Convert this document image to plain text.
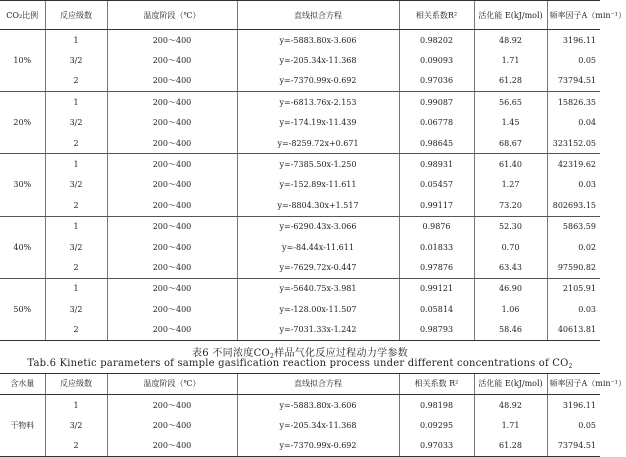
CO₂比例	反应级数	温度阶段（℃）	直线拟合方程	相关系数R²	活化能 E(kJ/mol)	频率因子A（min⁻¹）
10%	1	200～400	y=-5883.80x-3.606	0.98202	48.92	3196.11
	3/2	200～400	y=-205.34x-11.368	0.09093	1.71	0.05
	2	200～400	y=-7370.99x-0.692	0.97036	61.28	73794.51
20%	1	200～400	y=-6813.76x-2.153	0.99087	56.65	15826.35
	3/2	200～400	y=-174.19x-11.439	0.06778	1.45	0.04
	2	200～400	y=-8259.72x+0.671	0.98645	68.67	323152.05
30%	1	200～400	y=-7385.50x-1.250	0.98931	61.40	42319.62
	3/2	200～400	y=-152.89x-11.611	0.05457	1.27	0.03
	2	200～400	y=-8804.30x+1.517	0.99117	73.20	802693.15
40%	1	200～400	y=-6290.43x-3.066	0.9876	52.30	5863.59
	3/2	200～400	y=-84.44x-11.611	0.01833	0.70	0.02
	2	200～400	y=-7629.72x-0.447	0.97876	63.43	97590.82
50%	1	200～400	y=-5640.75x-3.981	0.99121	46.90	2105.91
	3/2	200～400	y=-128.00x-11.507	0.05814	1.06	0.03
	2	200～400	y=-7031.33x-1.242	0.98793	58.46	40613.81
表6 不同浓度$CO_2$样品气化反应过程动力学参数
Tab.6 Kinetic parameters of sample gasification reaction process under different concentrations of $CO_2$
含水量	反应级数	温度阶段（℃）	直线拟合方程	相关系数 R²	活化能 E(kJ/mol)	频率因子A（min⁻¹）
干物料	1	200～400	y=-5883.80x-3.606	0.98198	48.92	3196.11
	3/2	200～400	y=-205.34x-11.368	0.09295	1.71	0.05
	2	200～400	y=-7370.99x-0.692	0.97033	61.28	73794.51
